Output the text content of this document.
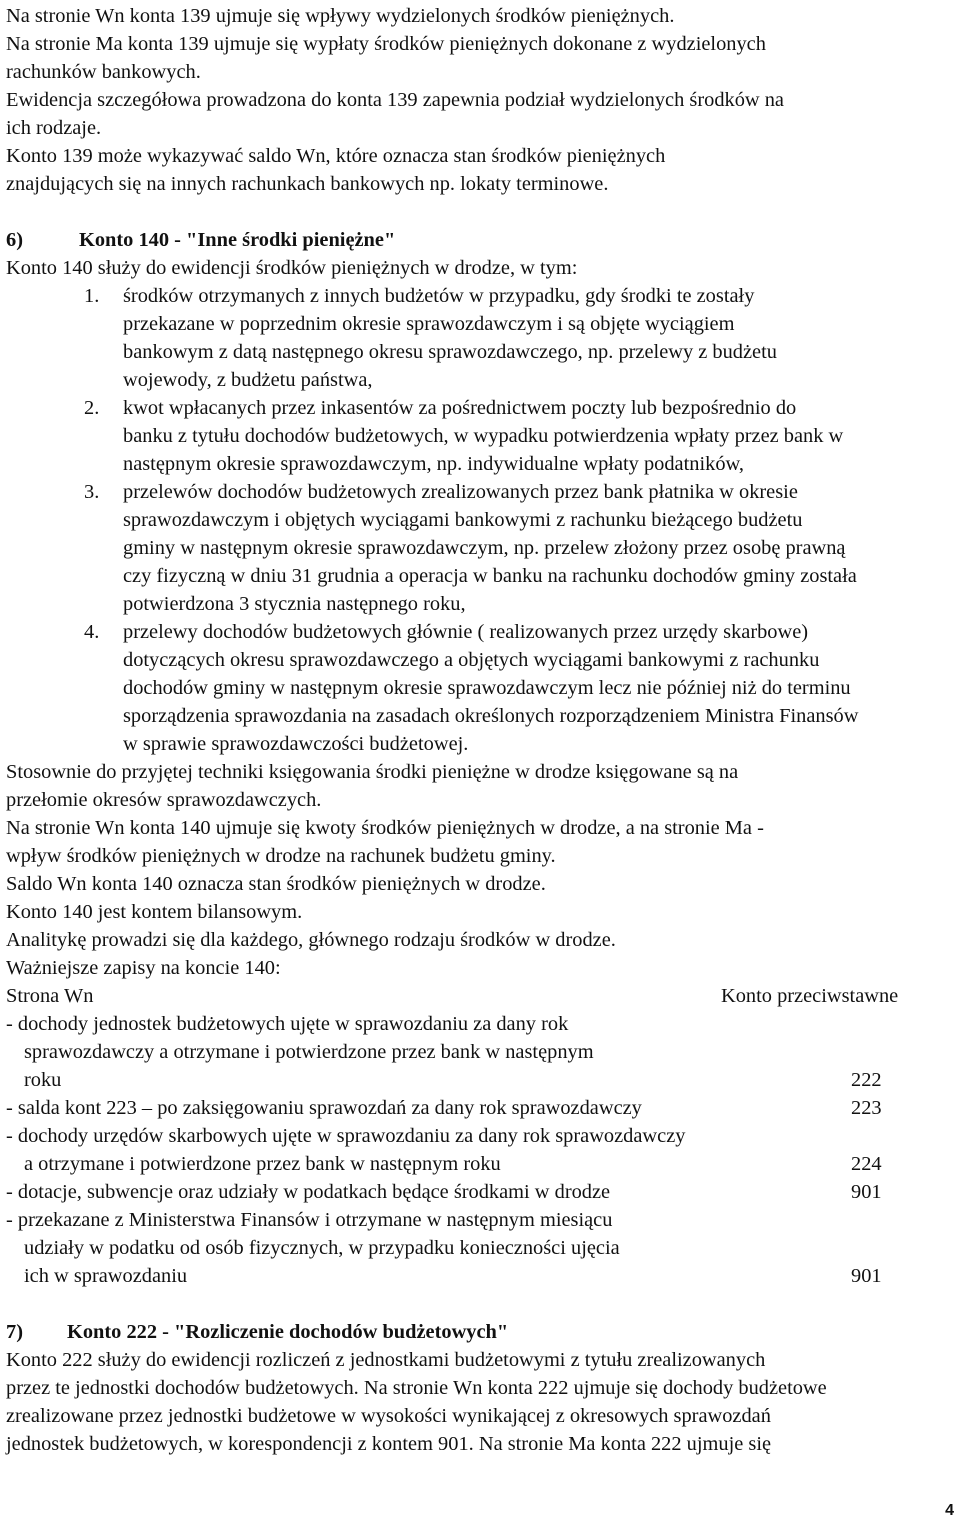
Na stronie Wn konta 139 ujmuje się wpływy wydzielonych środków pieniężnych.
Na stronie Ma konta 139 ujmuje się wypłaty środków pieniężnych dokonane z wydzielonych
rachunków bankowych.
Ewidencja szczegółowa prowadzona do konta 139 zapewnia podział wydzielonych środków na
ich rodzaje.
Konto 139 może wykazywać saldo Wn, które oznacza stan środków pieniężnych
znajdujących się na innych rachunkach bankowych np. lokaty terminowe.
6)	Konto 140 - "Inne środki pieniężne"
Konto 140 służy do ewidencji środków pieniężnych w drodze, w tym:
1. środków otrzymanych z innych budżetów w przypadku, gdy środki te zostały
przekazane w poprzednim okresie sprawozdawczym i są objęte wyciągiem
bankowym z datą następnego okresu sprawozdawczego, np. przelewy z budżetu
wojewody, z budżetu państwa,
2. kwot wpłacanych przez inkasentów za pośrednictwem poczty lub bezpośrednio do
banku z tytułu dochodów budżetowych, w wypadku potwierdzenia wpłaty przez bank w
następnym okresie sprawozdawczym, np. indywidualne wpłaty podatników,
3. przelewów dochodów budżetowych zrealizowanych przez bank płatnika w okresie
sprawozdawczym i objętych wyciągami bankowymi z rachunku bieżącego budżetu
gminy w następnym okresie sprawozdawczym, np. przelew złożony przez osobę prawną
czy fizyczną w dniu 31 grudnia a operacja w banku na rachunku dochodów gminy została
potwierdzona 3 stycznia następnego roku,
4. przelewy dochodów budżetowych głównie ( realizowanych przez urzędy skarbowe)
dotyczących okresu sprawozdawczego a objętych wyciągami bankowymi z rachunku
dochodów gminy w następnym okresie sprawozdawczym lecz nie później niż do terminu
sporządzenia sprawozdania na zasadach określonych rozporządzeniem Ministra Finansów
w sprawie sprawozdawczości budżetowej.
Stosownie do przyjętej techniki księgowania środki pieniężne w drodze księgowane są na
przełomie okresów sprawozdawczych.
Na stronie Wn konta 140 ujmuje się kwoty środków pieniężnych w drodze, a na stronie Ma -
wpływ środków pieniężnych w drodze na rachunek budżetu gminy.
Saldo Wn konta 140 oznacza stan środków pieniężnych w drodze.
Konto 140 jest kontem bilansowym.
Analitykę prowadzi się dla każdego, głównego rodzaju środków w drodze.
Ważniejsze zapisy na koncie 140:
Strona Wn	Konto przeciwstawne
- dochody jednostek budżetowych ujęte w sprawozdaniu za dany rok
sprawozdawczy a otrzymane i potwierdzone przez bank w następnym
roku	222
- salda kont 223 – po zaksięgowaniu sprawozdań za dany rok sprawozdawczy	223
- dochody urzędów skarbowych ujęte w sprawozdaniu za dany rok sprawozdawczy
a otrzymane i potwierdzone przez bank w następnym roku	224
- dotacje, subwencje oraz udziały w podatkach będące środkami w drodze	901
- przekazane z Ministerstwa Finansów i otrzymane w następnym miesiącu
udziały w podatku od osób fizycznych, w przypadku konieczności ujęcia
ich w sprawozdaniu	901
7) Konto 222 - "Rozliczenie dochodów budżetowych"
Konto 222 służy do ewidencji rozliczeń z jednostkami budżetowymi z tytułu zrealizowanych
przez te jednostki dochodów budżetowych. Na stronie Wn konta 222 ujmuje się dochody budżetowe
zrealizowane przez jednostki budżetowe w wysokości wynikającej z okresowych sprawozdań
jednostek budżetowych, w korespondencji z kontem 901. Na stronie Ma konta 222 ujmuje się
4
